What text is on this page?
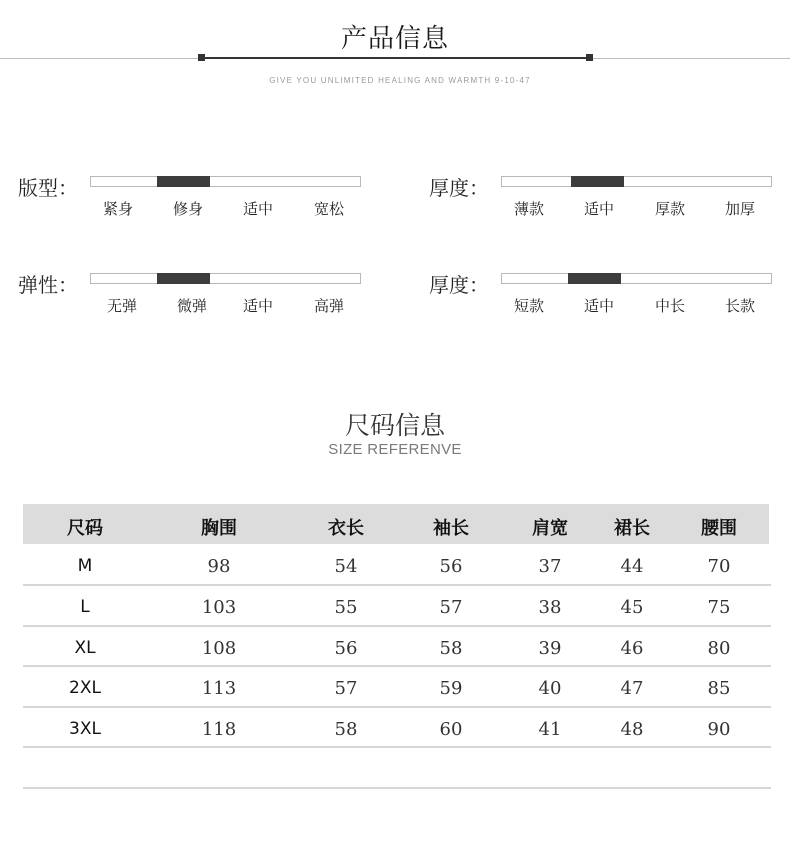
产品信息
GIVE YOU UNLIMITED HEALING AND WARMTH 9-10-47
版型：
紧身	修身	适中	宽松
厚度：
薄款	适中	厚款	加厚
弹性：
无弹	微弹	适中	高弹
厚度：
短款	适中	中长	长款
尺码信息
SIZE REFERENVE
尺码	胸围	衣长	袖长	肩宽	裙长	腰围
M	98	54	56	37	44	70
L	103	55	57	38	45	75
XL	108	56	58	39	46	80
2XL	113	57	59	40	47	85
3XL	118	58	60	41	48	90
